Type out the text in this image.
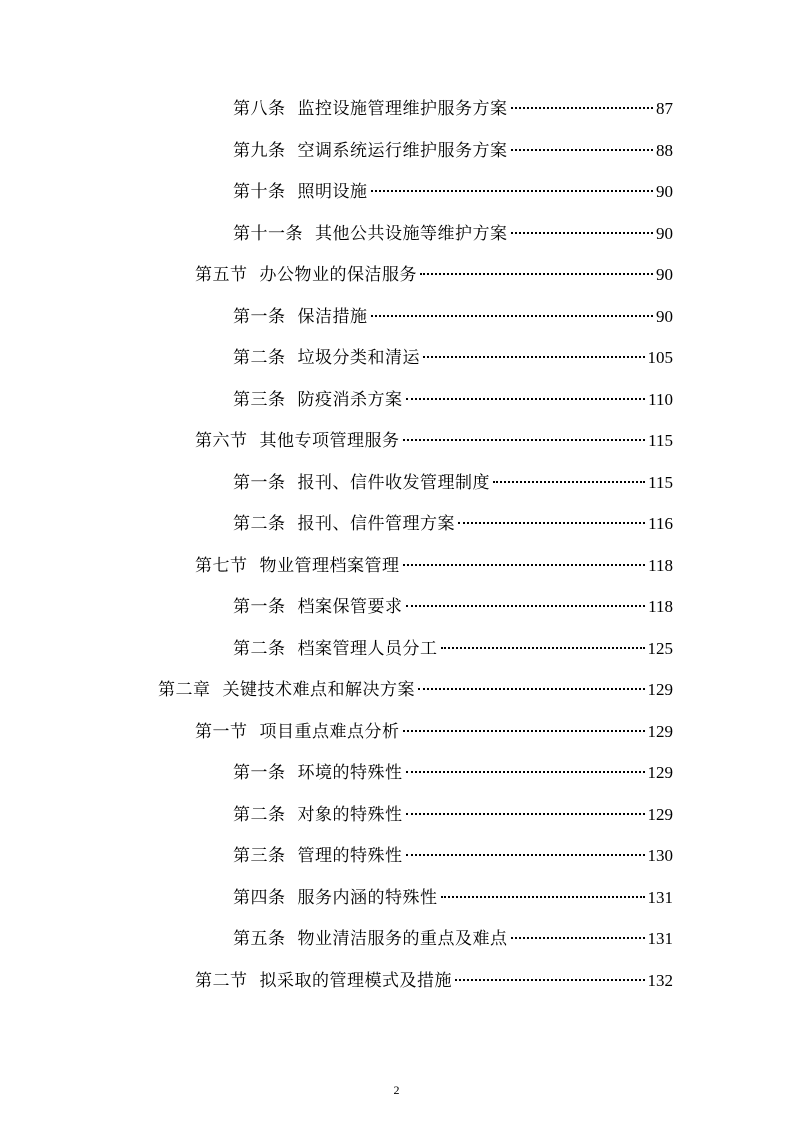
第八条 监控设施管理维护服务方案	87
第九条 空调系统运行维护服务方案	88
第十条 照明设施	90
第十一条 其他公共设施等维护方案	90
第五节 办公物业的保洁服务	90
第一条 保洁措施	90
第二条 垃圾分类和清运	105
第三条 防疫消杀方案	110
第六节 其他专项管理服务	115
第一条 报刊、信件收发管理制度	115
第二条 报刊、信件管理方案	116
第七节 物业管理档案管理	118
第一条 档案保管要求	118
第二条 档案管理人员分工	125
第二章 关键技术难点和解决方案	129
第一节 项目重点难点分析	129
第一条 环境的特殊性	129
第二条 对象的特殊性	129
第三条 管理的特殊性	130
第四条 服务内涵的特殊性	131
第五条 物业清洁服务的重点及难点	131
第二节 拟采取的管理模式及措施	132
2
